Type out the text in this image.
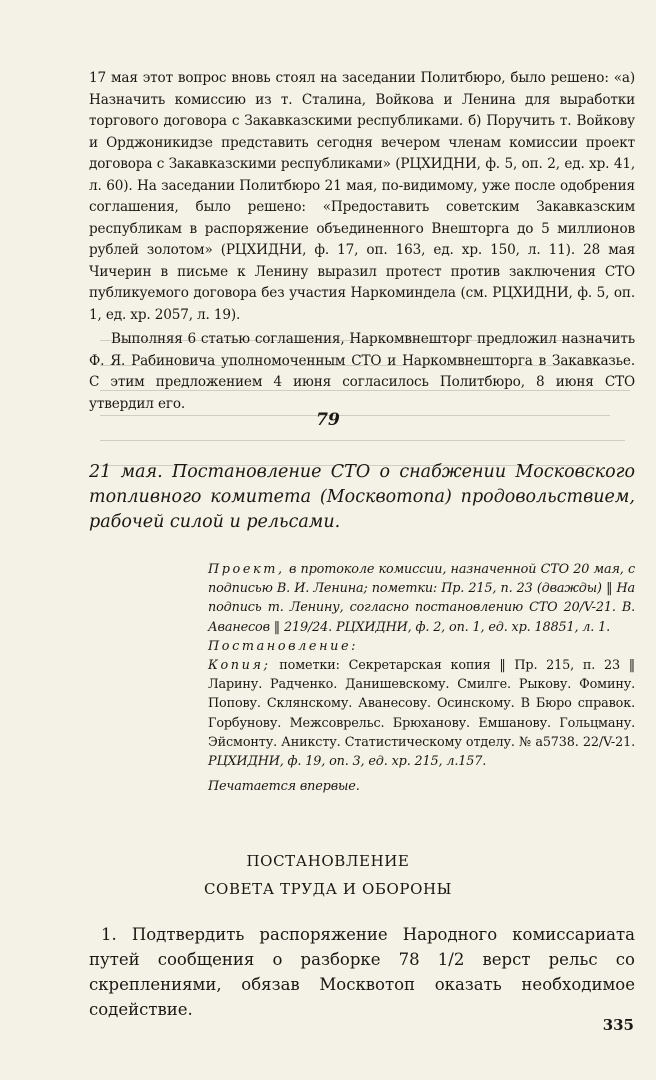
17 мая этот вопрос вновь стоял на заседании Политбюро, было решено: «а) Назначить комиссию из т. Сталина, Войкова и Ленина для выработки торгового договора с Закавказскими республиками. б) Поручить т. Войкову и Орджоникидзе представить сегодня вечером членам комиссии проект договора с Закавказскими республиками» (РЦХИДНИ, ф. 5, оп. 2, ед. хр. 41, л. 60). На заседании Политбюро 21 мая, по-видимому, уже после одобрения соглашения, было решено: «Предоставить советским Закавказским республикам в распоряжение объединенного Внешторга до 5 миллионов рублей золотом» (РЦХИДНИ, ф. 17, оп. 163, ед. хр. 150, л. 11). 28 мая Чичерин в письме к Ленину выразил протест против заключения СТО публикуемого договора без участия Наркоминдела (см. РЦХИДНИ, ф. 5, оп. 1, ед. хр. 2057, л. 19).

Выполняя 6 статью соглашения, Наркомвнешторг предложил назначить Ф. Я. Рабиновича уполномоченным СТО и Наркомвнешторга в Закавказье. С этим предложением 4 июня согласилось Политбюро, 8 июня СТО утвердил его.

79
21 мая. Постановление СТО о снабжении Московского топливного комитета (Москвотопа) продовольствием, рабочей силой и рельсами.

Проект, в протоколе комиссии, назначенной СТО 20 мая, с подписью В. И. Ленина; пометки: Пр. 215, п. 23 (дважды) ‖ На подпись т. Ленину, согласно постановлению СТО 20/V-21. В. Аванесов ‖ 219/24. РЦХИДНИ, ф. 2, оп. 1, ед. хр. 18851, л. 1.

Постановление:

Копия; пометки: Секретарская копия ‖ Пр. 215, п. 23 ‖ Ларину. Радченко. Данишевскому. Смилге. Рыкову. Фомину. Попову. Склянскому. Аванесову. Осинскому. В Бюро справок. Горбунову. Межсоврельс. Брюханову. Емшанову. Гольцману. Эйсмонту. Аниксту. Статистическому отделу. № а5738. 22/V-21. РЦХИДНИ, ф. 19, оп. 3, ед. хр. 215, л.157.

Печатается впервые.

ПОСТАНОВЛЕНИЕ
СОВЕТА ТРУДА И ОБОРОНЫ

1. Подтвердить распоряжение Народного комиссариата путей сообщения о разборке 78 1/2 верст рельс со скреплениями, обязав Москвотоп оказать необходимое содействие.

335
